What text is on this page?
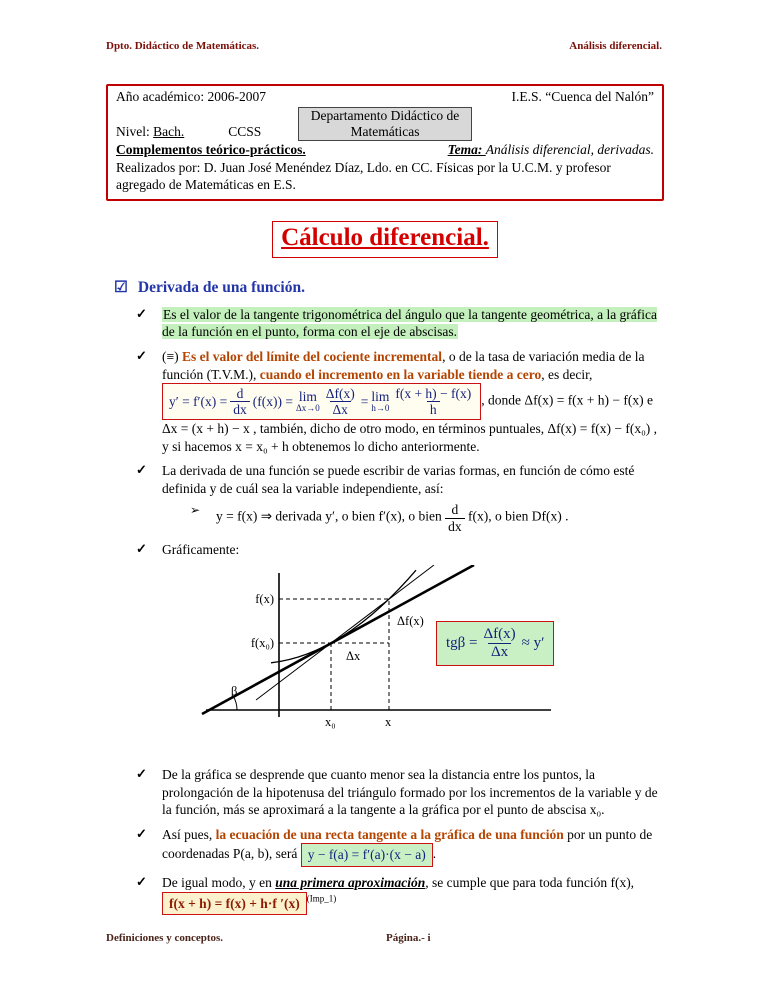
Dpto. Didáctico de Matemáticas.	Análisis diferencial.
Año académico: 2006-2007	I.E.S. “Cuenca del Nalón”
Nivel: Bach.	CCSS
Departamento Didáctico de
Matemáticas
Complementos teórico-prácticos.	Tema: Análisis diferencial, derivadas.
Realizados por: D. Juan José Menéndez Díaz, Ldo. en CC. Físicas por la U.C.M. y profesor agregado de Matemáticas en E.S.
Cálculo diferencial.
☑ Derivada de una función.
✓ Es el valor de la tangente trigonométrica del ángulo que la tangente geométrica, a la gráfica de la función en el punto, forma con el eje de abscisas.
✓ (≡) Es el valor del límite del cociente incremental, o de la tasa de variación media de la función (T.V.M.), cuando el incremento en la variable tiende a cero, es decir,
$y' = f'(x) = \frac{d}{dx} (f(x)) = \lim$
$\Delta x\to 0 \frac{\Delta f(x)}{\Delta x} = \lim$
$h\to 0 \frac{f(x + h) - f(x)}{h}$ , donde Δf(x) = f(x + h) − f(x) e Δx = (x + h) − x , también, dicho de otro modo, en términos puntuales, Δf(x) = f(x) − f(x₀) , y si hacemos x = x₀ + h obtenemos lo dicho anteriormente.
✓ La derivada de una función se puede escribir de varias formas, en función de cómo esté definida y de cuál sea la variable independiente, así:
➢ y = f(x) ⇒ derivada y′, o bien f′(x), o bien $\frac{d}{dx} f(x)$, o bien Df(x) .
✓ Gráficamente:
f(x)
f(x₀)
Δf(x)
Δx
β
x₀	x
$tg\beta = \frac{\Delta f(x)}{\Delta x} \approx y'$
✓ De la gráfica se desprende que cuanto menor sea la distancia entre los puntos, la prolongación de la hipotenusa del triángulo formado por los incrementos de la variable y de la función, más se aproximará a la tangente a la gráfica por el punto de abscisa x₀.
✓ Así pues, la ecuación de una recta tangente a la gráfica de una función por un punto de coordenadas P(a, b), será y − f(a) = f′(a)·(x − a) .
✓ De igual modo, y en una primera aproximación, se cumple que para toda función f(x),
f(x + h) = f(x) + h·f ′(x) $^{(Imp\_1)}$
Definiciones y conceptos.	Página.- i
